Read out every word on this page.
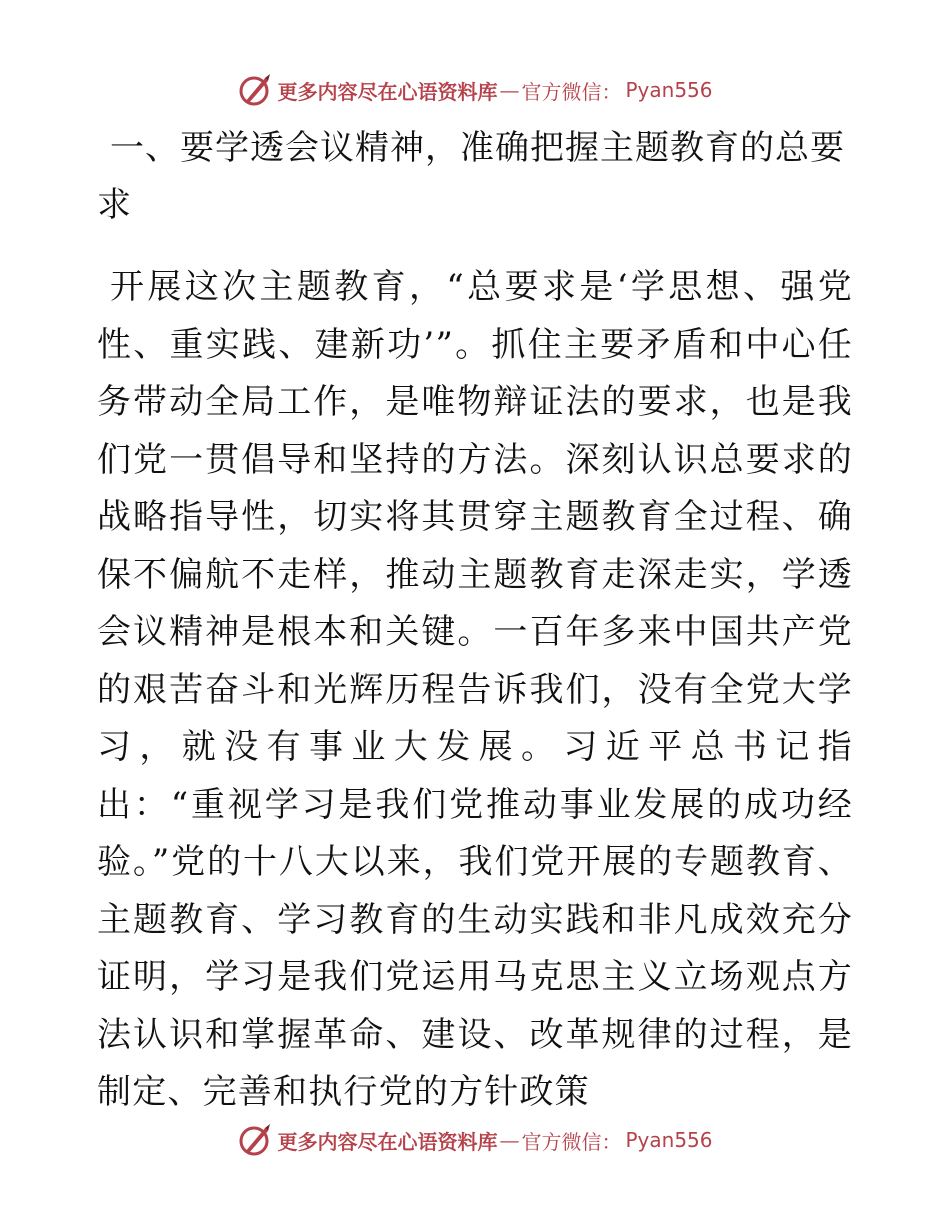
更多内容尽在心语资料库 — 官方微信： Pyan556
一、要学透会议精神，准确把握主题教育的总要求

开展这次主题教育，“总要求是‘学思想、强党性、重实践、建新功’”。抓住主要矛盾和中心任务带动全局工作，是唯物辩证法的要求，也是我们党一贯倡导和坚持的方法。深刻认识总要求的战略指导性，切实将其贯穿主题教育全过程、确保不偏航不走样，推动主题教育走深走实，学透会议精神是根本和关键。一百年多来中国共产党的艰苦奋斗和光辉历程告诉我们，没有全党大学习，就没有事业大发展。习近平总书记指出：“重视学习是我们党推动事业发展的成功经验。”党的十八大以来，我们党开展的专题教育、主题教育、学习教育的生动实践和非凡成效充分证明，学习是我们党运用马克思主义立场观点方法认识和掌握革命、建设、改革规律的过程，是制定、完善和执行党的方针政策

更多内容尽在心语资料库 — 官方微信： Pyan556
